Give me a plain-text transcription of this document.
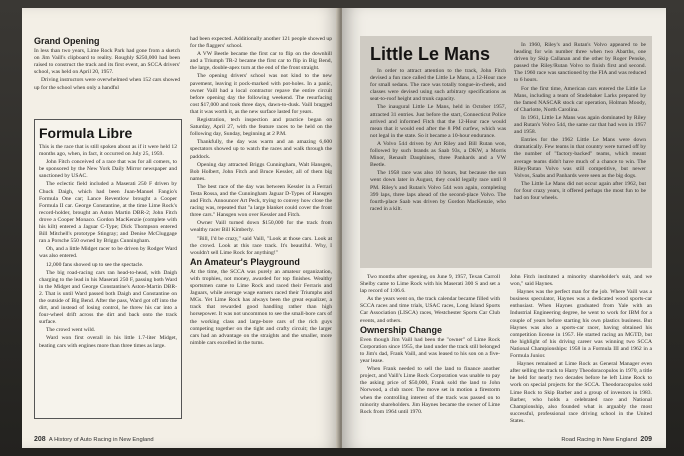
Grand Opening

In less than two years, Lime Rock Park had gone from a sketch on Jim Vaill's clipboard to reality. Roughly $250,000 had been raised to construct the track and its first event, an SCCA drivers' school, was held on April 20, 1957.

Driving instructors were overwhelmed when 152 cars showed up for the school when only a handful

Formula Libre

This is the race that is still spoken about as if it were held 12 months ago, when, in fact, it occurred on July 25, 1959.

John Fitch conceived of a race that was for all comers, to be sponsored by the New York Daily Mirror newspaper and sanctioned by USAC.

The eclectic field included a Maserati 250 F driven by Chuck Daigh, which had been Juan-Manuel Fangio's Formula One car; Lance Reventlow brought a Cooper Formula II car. George Constantine, at the time Lime Rock's record-holder, brought an Aston Martin DBR-2; John Fitch drove a Cooper Monaco. Gordon MacKenzie (complete with his kilt) entered a Jaguar C-Type; Dick Thompson entered Bill Mitchell's prototype Stingray; and Denise McCluggage ran a Porsche 550 owned by Briggs Cunningham.

Oh, and a little Midget racer to be driven by Rodger Ward was also entered.

12,000 fans showed up to see the spectacle.

The big road-racing cars ran head-to-head, with Daigh charging to the lead in his Maserati 250 F, passing both Ward in the Midget and George Constantine's Aston-Martin DBR-2. That is until Ward passed both Daigh and Constantine on the outside of Big Bend. After the pass, Ward got off into the dirt, and instead of losing control, he threw his car into a four-wheel drift across the dirt and back onto the track surface.

The crowd went wild.

Ward won first overall in his little 1.7-liter Midget, beating cars with engines more than three times as large.

had been expected. Additionally another 121 people showed up for the flaggers' school.

A VW Beetle became the first car to flip on the downhill and a Triumph TR-2 became the first car to flip in Big Bend, the large, double-apex turn at the end of the front straight.

The opening drivers' school was not kind to the new pavement, leaving it pock-marked with pot-holes. In a panic, owner Vaill had a local contractor repave the entire circuit before opening day the following weekend. The resurfacing cost $17,000 and took three days, dawn-to-dusk. Vaill bragged that it was worth it, as the new surface lasted for years.

Registration, tech inspection and practice began on Saturday, April 27, with the feature races to be held on the following day, Sunday, beginning at 2 P.M.

Thankfully, the day was warm and an amazing 6,600 spectators showed up to watch the races and walk through the paddock.

Opening day attracted Briggs Cunningham, Walt Hansgen, Bob Holbert, John Fitch and Bruce Kessler, all of them big names.

The best race of the day was between Kessler in a Ferrari Testa Rossa, and the Cunningham Jaguar D-Types of Hansgen and Fitch. Announcer Art Peck, trying to convey how close the racing was, repeated that "a large blanket could cover the front three cars." Hansgen won over Kessler and Fitch.

Owner Vaill turned down $150,000 for the track from wealthy racer Bill Kimberly.

"Bill, I'd be crazy," said Vaill, "Look at those cars. Look at the crowd. Look at this race track. It's beautiful. Why, I wouldn't sell Lime Rock for anything!"

An Amateur's Playground

At the time, the SCCA was purely an amateur organization, with trophies, not money, awarded for top finishes. Wealthy sportsmen came to Lime Rock and raced their Ferraris and Jaguars, while average wage earners raced their Triumphs and MGs. Yet Lime Rock has always been the great equalizer, a track that rewarded good handling rather than high horsepower. It was not uncommon to see the small-bore cars of the working class and large-bore cars of the rich guys competing together on the tight and crafty circuit; the larger cars had an advantage on the straights and the smaller, more nimble cars excelled in the turns.

208 A History of Auto Racing in New England
Little Le Mans

In order to attract attention to the track, John Fitch devised a fun race called the Little Le Mans, a 12-Hour race for small sedans. The race was totally tongue-in-cheek, and classes were devised using such arbitrary specifications as seat-to-roof height and trunk capacity.

The inaugural Little Le Mans, held in October 1957, attracted 31 entries. Just before the start, Connecticut Police arrived and informed Fitch that the 12-Hour race would mean that it would end after the 8 PM curfew, which was not legal in the state. So it became a 10-hour endurance.

A Volvo 544 driven by Art Riley and Bill Rutan won, followed by such brands as Saab 93s, a DKW, a Morris Minor, Renault Dauphines, three Panhards and a VW Beetle.

The 1958 race was also 10 hours, but because the sun went down later in August, they could legally race until 8 PM. Riley's and Rutan's Volvo 544 won again, completing 399 laps, three laps ahead of the second-place Volvo. The fourth-place Saab was driven by Gordon MacKenzie, who raced in a kilt.

In 1960, Riley's and Rutan's Volvo appeared to be heading for win number three when two Abarths, one driven by Skip Callanan and the other by Roger Penske, passed the Riley/Rutan Volvo to finish first and second. The 1960 race was sanctioned by the FIA and was reduced to 6 hours.

For the first time, American cars entered the Little Le Mans, including a team of Studebaker Larks prepared by the famed NASCAR stock car operation, Holman Moody, of Charlotte, North Carolina.

In 1961, Little Le Mans was again dominated by Riley and Rutan's Volvo 544, the same car that had won in 1957 and 1958.

Entries for the 1962 Little Le Mans were down dramatically. Few teams in that country were turned off by the number of "factory-backed" teams, which meant average teams didn't have much of a chance to win. The Riley/Rutan Volvo was still competitive, but newer Volvos, Saabs and Panhards were seen as the big dogs.

The Little Le Mans did not occur again after 1962, but for four crazy years, it offered perhaps the most fun to be had on four wheels.

Two months after opening, on June 9, 1957, Texan Carroll Shelby came to Lime Rock with his Maserati 300 S and set a lap record of 1:06.6.

As the years went on, the track calendar became filled with SCCA races and time trials, USAC races, Long Island Sports Car Association (LISCA) races, Westchester Sports Car Club events, and others.

Ownership Change

Even though Jim Vaill had been the "owner" of Lime Rock Corporation since 1955, the land under the track still belonged to Jim's dad, Frank Vaill, and was leased to his son on a five-year lease.

When Frank needed to sell the land to finance another project, and Vaill's Lime Rock Corporation was unable to pay the asking price of $50,000, Frank sold the land to John Norwood, a club racer. The move set in motion a firestorm when the controlling interest of the track was passed on to minority shareholders. Jim Haynes became the owner of Lime Rock from 1964 until 1970.

John Fitch instituted a minority shareholder's suit, and we won," said Haynes.

Haynes was the perfect man for the job. Where Vaill was a business speculator, Haynes was a dedicated wood sports-car enthusiast. When Haynes graduated from Yale with an Industrial Engineering degree, he went to work for IBM for a couple of years before starting his own plastics business. But Haynes was also a sports-car racer, having obtained his competition license in 1957. He started racing an MGTD, but the highlight of his driving career was winning two SCCA National Championships: 1958 in a Formula III and 1962 in a Formula Junior.

Haynes remained at Lime Rock as General Manager even after selling the track to Harry Theodoracopulos in 1970, a title he held for nearly two decades before he left Lime Rock to work on special projects for the SCCA. Theodoracopulos sold Lime Rock to Skip Barber and a group of investors in 1983. Barber, who holds a celebrated race and National Championship, also founded what is arguably the most successful, professional race driving school in the United States.

Road Racing in New England 209
